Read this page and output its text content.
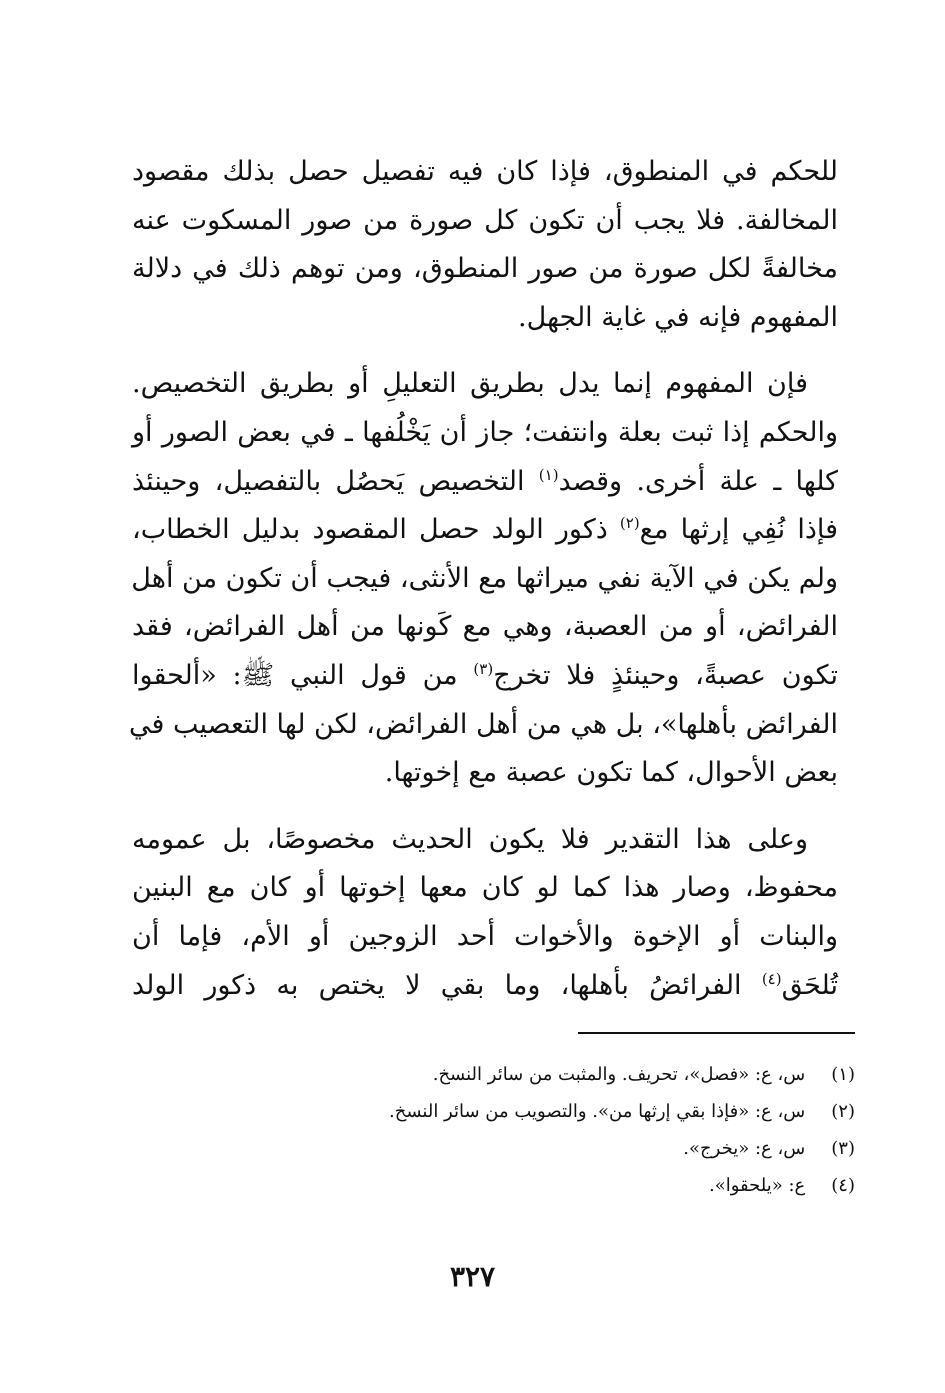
للحكم في المنطوق، فإذا كان فيه تفصيل حصل بذلك مقصود
المخالفة. فلا يجب أن تكون كل صورة من صور المسكوت عنه
مخالفةً لكل صورة من صور المنطوق، ومن توهم ذلك في دلالة
المفهوم فإنه في غاية الجهل.
فإن المفهوم إنما يدل بطريق التعليلِ أو بطريق التخصيص.
والحكم إذا ثبت بعلة وانتفت؛ جاز أن يَخْلُفها ـ في بعض الصور أو
كلها ـ علة أخرى. وقصد$^{(١)}$ التخصيص يَحصُل بالتفصيل، وحينئذ
فإذا نُفِي إرثها مع$^{(٢)}$ ذكور الولد حصل المقصود بدليل الخطاب،
ولم يكن في الآية نفي ميراثها مع الأنثى، فيجب أن تكون من أهل
الفرائض، أو من العصبة، وهي مع كَونها من أهل الفرائض، فقد
تكون عصبةً، وحينئذٍ فلا تخرج$^{(٣)}$ من قول النبي ﷺ: «ألحقوا
الفرائض بأهلها»، بل هي من أهل الفرائض، لكن لها التعصيب في
بعض الأحوال، كما تكون عصبة مع إخوتها.
وعلى هذا التقدير فلا يكون الحديث مخصوصًا، بل عمومه
محفوظ، وصار هذا كما لو كان معها إخوتها أو كان مع البنين
والبنات أو الإخوة والأخوات أحد الزوجين أو الأم، فإما أن
تُلحَق$^{(٤)}$ الفرائضُ بأهلها، وما بقي لا يختص به ذكور الولد
(١) س، ع: «فصل»، تحريف. والمثبت من سائر النسخ.
(٢) س، ع: «فإذا بقي إرثها من». والتصويب من سائر النسخ.
(٣) س، ع: «يخرج».
(٤) ع: «يلحقوا».
٣٢٧
